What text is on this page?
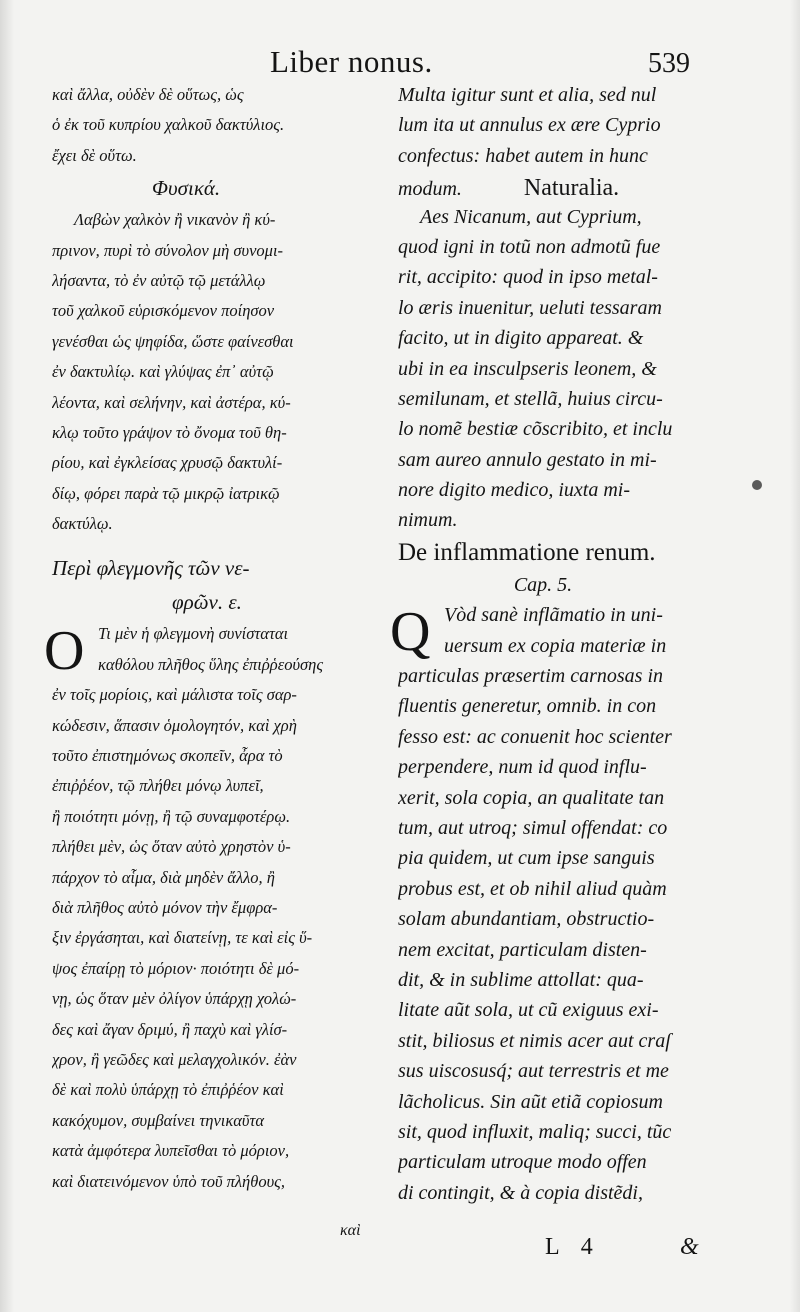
Liber nonus.	539
καὶ ἄλλα, οὐδὲν δὲ οὕτως, ὡς
ὁ ἐκ τοῦ κυπρίου χαλκοῦ δακτύλιος.
ἔχει δὲ οὕτω.
Φυσικά.
Λαβὼν χαλκὸν ἢ νικανὸν ἢ κύ-
πρινον, πυρὶ τὸ σύνολον μὴ συνομι-
λήσαντα, τὸ ἐν αὐτῷ τῷ μετάλλῳ
τοῦ χαλκοῦ εὑρισκόμενον ποίησον
γενέσθαι ὡς ψηφίδα, ὥστε φαίνεσθαι
ἐν δακτυλίῳ. καὶ γλύψας ἐπ᾿ αὐτῷ
λέοντα, καὶ σελήνην, καὶ ἀστέρα, κύ-
κλῳ τοῦτο γράψον τὸ ὄνομα τοῦ θη-
ρίου, καὶ ἐγκλείσας χρυσῷ δακτυλί-
δίῳ, φόρει παρὰ τῷ μικρῷ ἰατρικῷ
δακτύλῳ.
Περὶ φλεγμονῆς τῶν νε-
φρῶν. ε.
O Τι μὲν ἡ φλεγμονὴ συνίσταται
καθόλου πλῆθος ὕλης ἐπιῤῥεούσης
ἐν τοῖς μορίοις, καὶ μάλιστα τοῖς σαρ-
κώδεσιν, ἅπασιν ὁμολογητόν, καὶ χρὴ
τοῦτο ἐπιστημόνως σκοπεῖν, ἆρα τὸ
ἐπιῤῥέον, τῷ πλήθει μόνῳ λυπεῖ,
ἢ ποιότητι μόνῃ, ἢ τῷ συναμφοτέρῳ.
πλήθει μὲν, ὡς ὅταν αὐτὸ χρηστὸν ὑ-
πάρχον τὸ αἷμα, διὰ μηδὲν ἄλλο, ἢ
διὰ πλῆθος αὐτὸ μόνον τὴν ἔμφρα-
ξιν ἐργάσηται, καὶ διατείνῃ, τε καὶ εἰς ὕ-
ψος ἐπαίρῃ τὸ μόριον· ποιότητι δὲ μό-
νῃ, ὡς ὅταν μὲν ὀλίγον ὑπάρχῃ χολώ-
δες καὶ ἄγαν δριμύ, ἢ παχὺ καὶ γλίσ-
χρον, ἢ γεῶδες καὶ μελαγχολικόν. ἐὰν
δὲ καὶ πολὺ ὑπάρχῃ τὸ ἐπιῤῥέον καὶ
κακόχυμον, συμβαίνει τηνικαῦτα
κατὰ ἀμφότερα λυπεῖσθαι τὸ μόριον,
καὶ διατεινόμενον ὑπὸ τοῦ πλήθους,
Multa igitur sunt et alia, sed nul
lum ita ut annulus ex ære Cyprio
confectus: habet autem in hunc
modum.	Naturalia.
Aes Nicanum, aut Cyprium,
quod igni in totũ non admotũ fue
rit, accipito: quod in ipso metal-
lo æris inuenitur, ueluti tessaram
facito, ut in digito appareat. &
ubi in ea insculpseris leonem, &
semilunam, et stellã, huius circu-
lo nomẽ bestiæ cõscribito, et inclu
sam aureo annulo gestato in mi-
nore digito medico, iuxta mi-
nimum.
De inflammatione renum.
Cap. 5.
Q Vòd sanè inflãmatio in uni-
uersum ex copia materiæ in
particulas præsertim carnosas in
fluentis generetur, omnib. in con
fesso est: ac conuenit hoc scienter
perpendere, num id quod influ-
xerit, sola copia, an qualitate tan
tum, aut utroq; simul offendat: co
pia quidem, ut cum ipse sanguis
probus est, et ob nihil aliud quàm
solam abundantiam, obstructio-
nem excitat, particulam disten-
dit, & in sublime attollat: qua-
litate aũt sola, ut cũ exiguus exi-
stit, biliosus et nimis acer aut craſ
sus uiscosusq́; aut terrestris et me
lãcholicus. Sin aũt etiã copiosum
sit, quod influxit, maliq; succi, tũc
particulam utroque modo offen
di contingit, & à copia distẽdi,
καὶ
L 4	&
